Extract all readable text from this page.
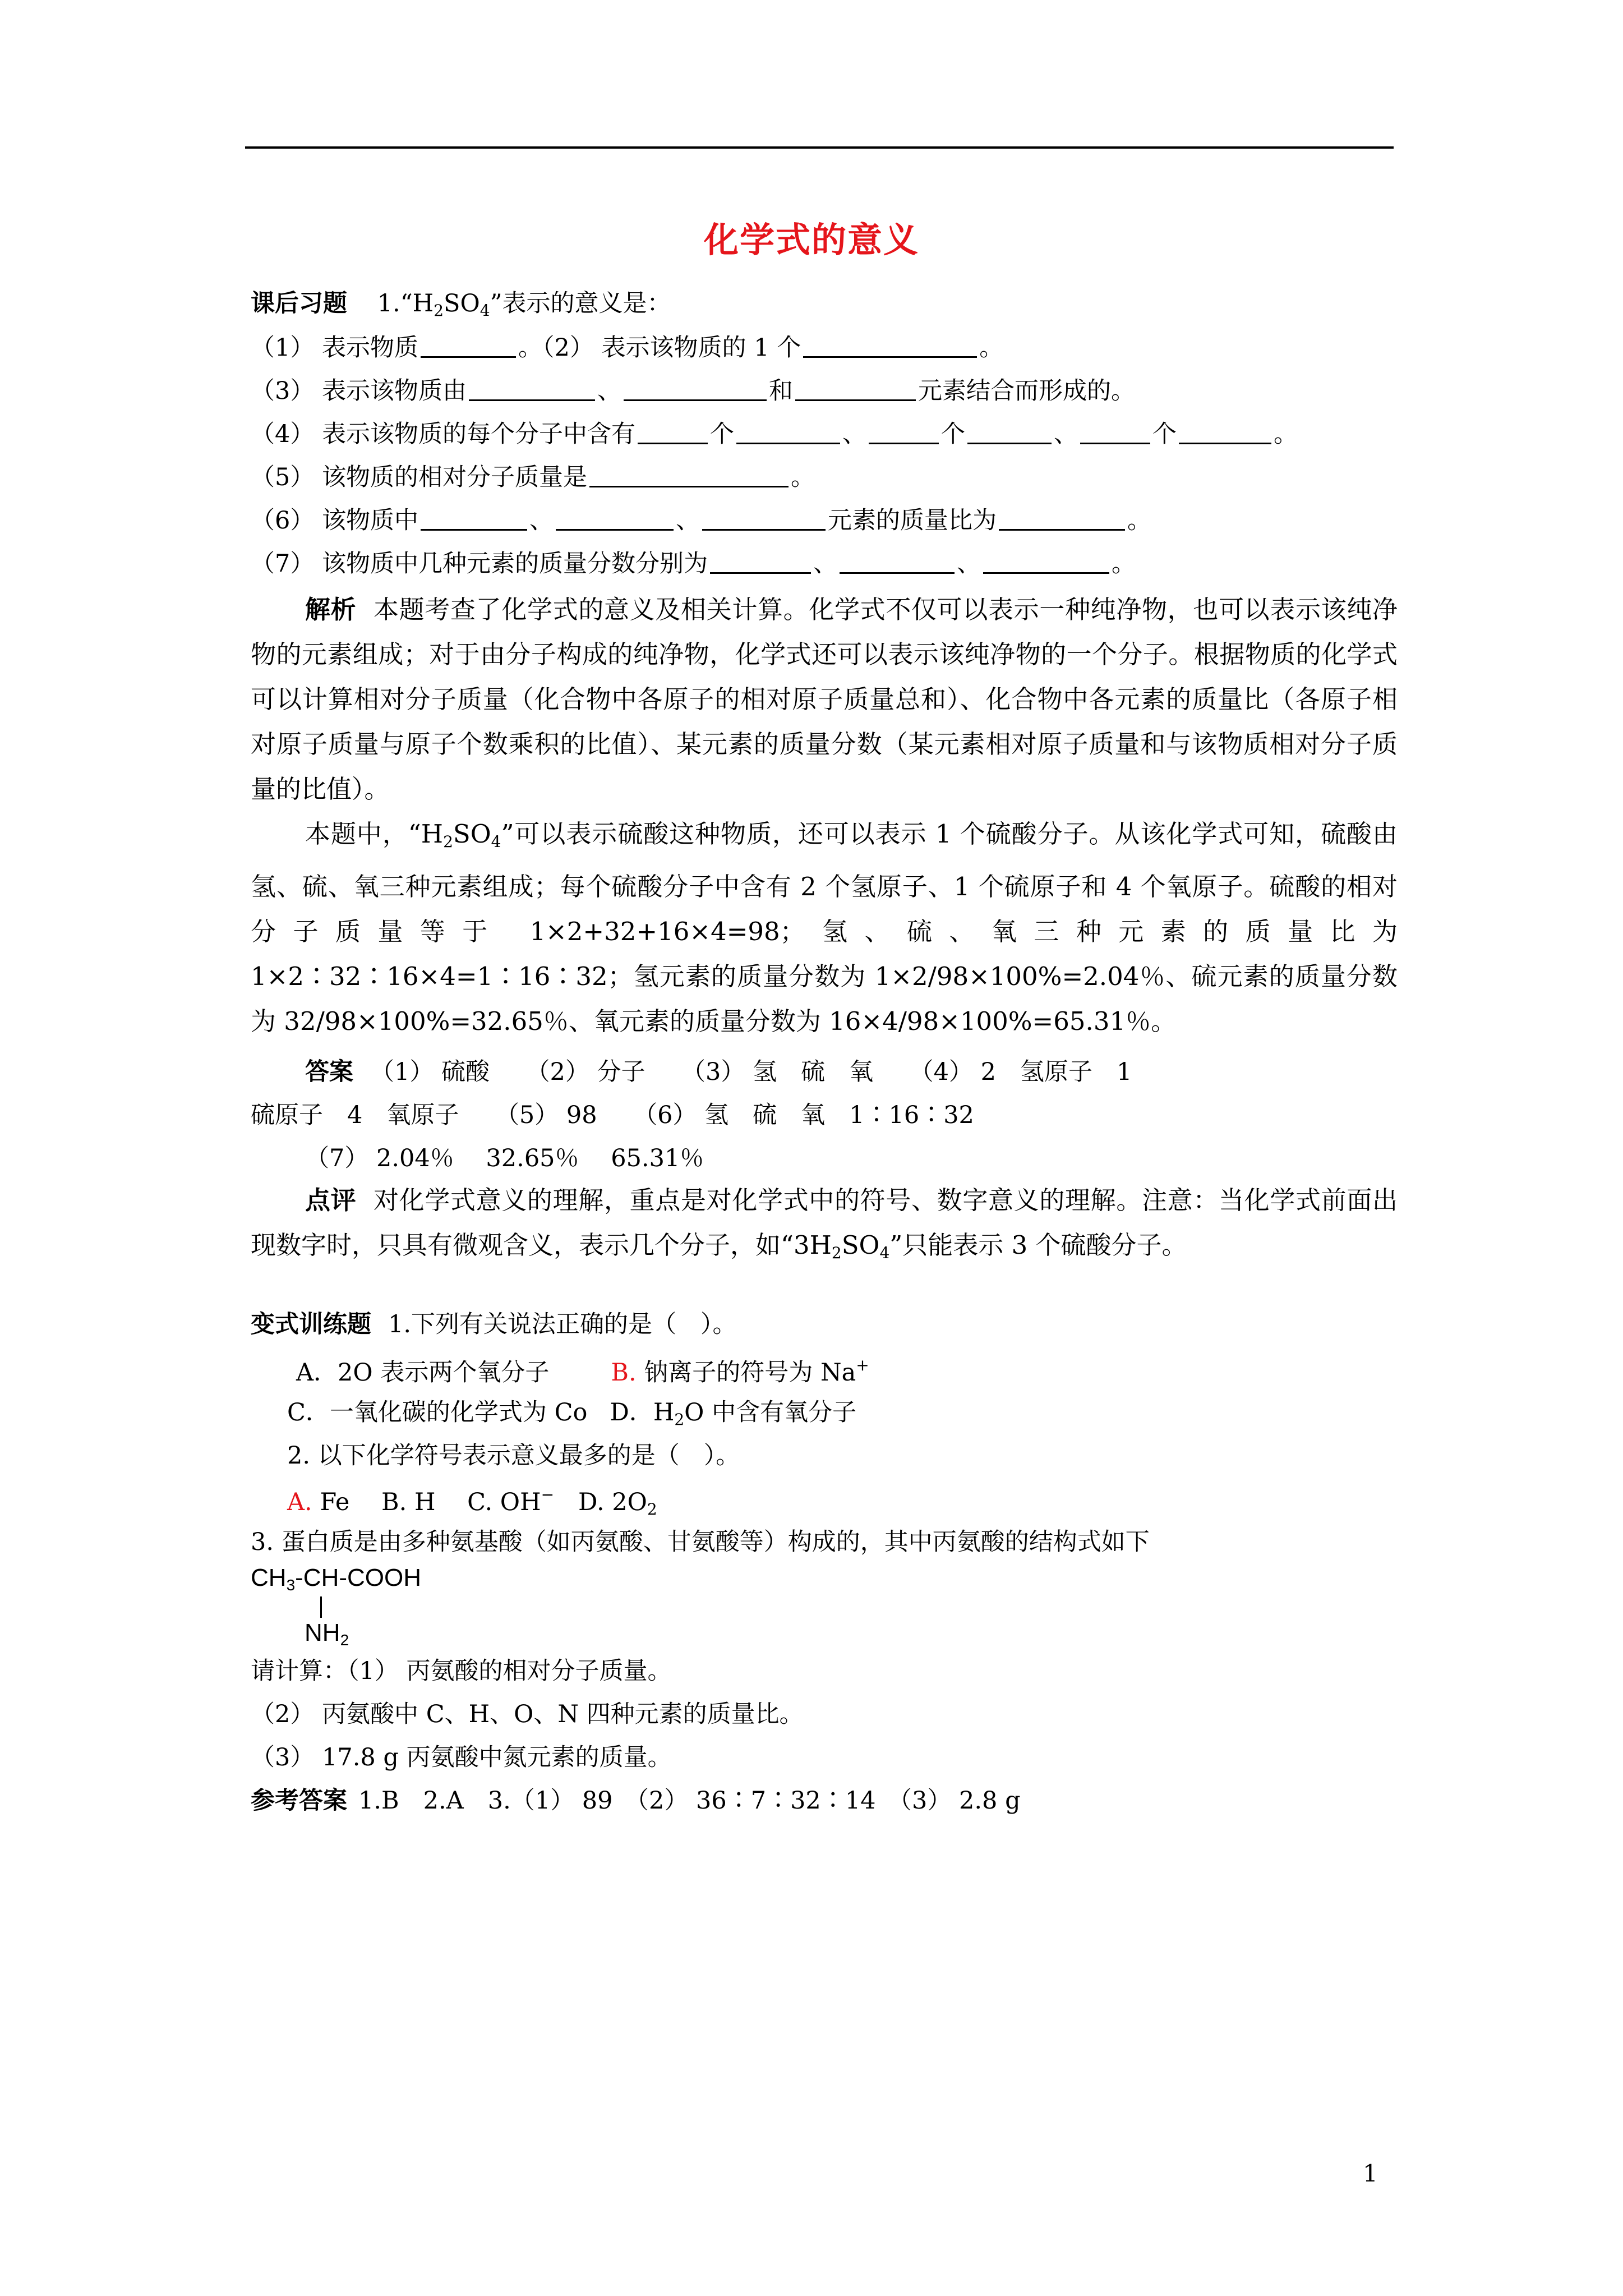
化学式的意义
课后习题 $1.“H_2SO_4$”表示的意义是：
（1） 表示物质	。（2） 表示该物质的 1 个	。
（3） 表示该物质由	、	和	元素结合而形成的。
（4） 表示该物质的每个分子中含有	个	、	个	、	个	。
（5） 该物质的相对分子质量是	。
（6） 该物质中	、	、	元素的质量比为	。
（7） 该物质中几种元素的质量分数分别为	、	、	。
解析 本题考查了化学式的意义及相关计算。化学式不仅可以表示一种纯净物，也可以表示该纯净物的元素组成；对于由分子构成的纯净物，化学式还可以表示该纯净物的一个分子。根据物质的化学式可以计算相对分子质量（化合物中各原子的相对原子质量总和）、化合物中各元素的质量比（各原子相对原子质量与原子个数乘积的比值）、某元素的质量分数（某元素相对原子质量和与该物质相对分子质量的比值）。
本题中，“$H_2SO_4$”可以表示硫酸这种物质，还可以表示 1 个硫酸分子。从该化学式可知，硫酸由氢、硫、氧三种元素组成；每个硫酸分子中含有 2 个氢原子、1 个硫原子和 4 个氧原子。硫酸的相对分子质量等于 1×2+32+16×4=98；氢、硫、氧三种元素的质量比为 1×2∶32∶16×4=1∶16∶32；氢元素的质量分数为 1×2/98×100%=2.04％、硫元素的质量分数为 32/98×100%=32.65％、氧元素的质量分数为 16×4/98×100%=65.31％。
答案 （1） 硫酸　　（2） 分子　　（3） 氢　硫　氧　　（4） 2　氢原子　1
硫原子　4　氧原子　　（5） 98　　（6） 氢　硫　氧　1∶16∶32
（7） 2.04％　 32.65％　 65.31％
点评 对化学式意义的理解，重点是对化学式中的符号、数字意义的理解。注意：当化学式前面出现数字时，只具有微观含义，表示几个分子，如“$3H_2SO_4$”只能表示 3 个硫酸分子。
变式训练题 1.下列有关说法正确的是（　）。
A．2O 表示两个氧分子	B. 钠离子的符号为 Na+
C．一氧化碳的化学式为 Co D．$H_2O$ 中含有氧分子
2. 以下化学符号表示意义最多的是（　）。
A. Fe　 B. H　 C. OH−　D. $2O_2$
3. 蛋白质是由多种氨基酸（如丙氨酸、甘氨酸等）构成的，其中丙氨酸的结构式如下
$CH_3-CH$-COOH
$NH_2$
请计算：（1） 丙氨酸的相对分子质量。
（2） 丙氨酸中 C、H、O、N 四种元素的质量比。
（3） 17.8 g 丙氨酸中氮元素的质量。
参考答案 1.B　2.A　3.（1） 89　（2） 36∶7∶32∶14　（3） 2.8 g
1
